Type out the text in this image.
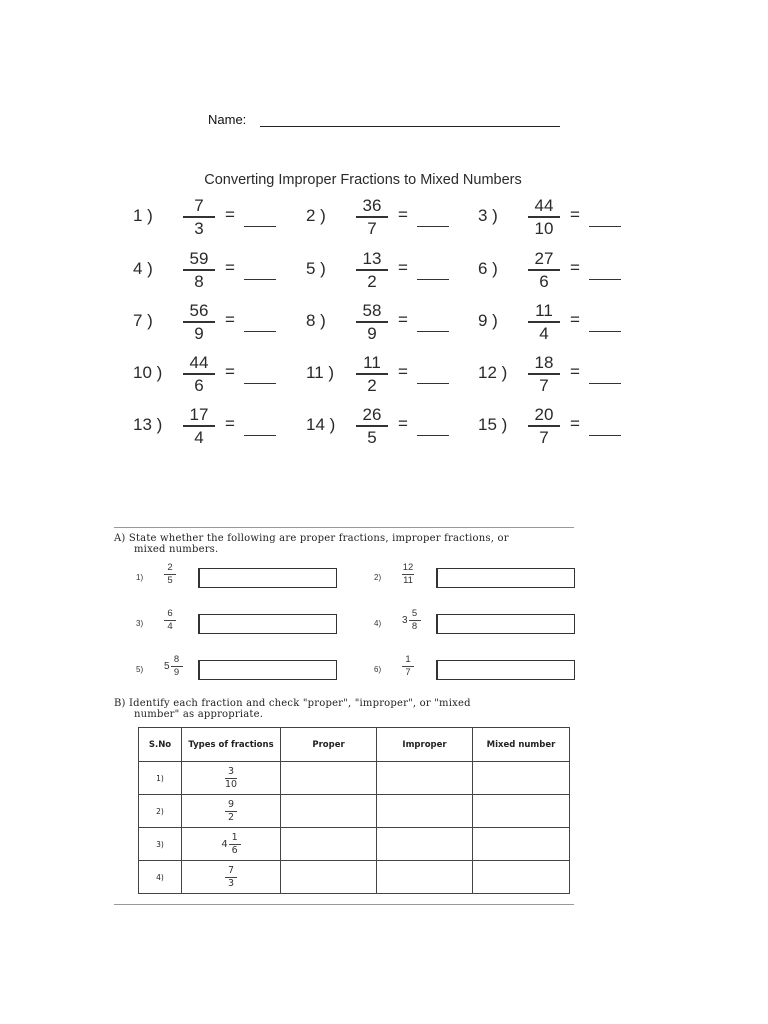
Name:
Converting Improper Fractions to Mixed Numbers
1 )
7
3
=	2 )
36
7
=	3 )
44
10
=
4 )
59
8
=	5 )
13
2
=	6 )
27
6
=
7 )
56
9
=	8 )
58
9
=	9 )
11
4
=
10 )
44
6
=	11 )
11
2
=	12 )
18
7
=
13 )
17
4
=	14 )
26
5
=	15 )
20
7
=
A) State whether the following are proper fractions, improper fractions, or
mixed numbers.
$1) \frac{2}{5}$	$2) \frac{12}{11}$
$3) \frac{6}{4}$	4) $3 \frac{5}{8}$
5) $5 \frac{8}{9}$	$6) \frac{1}{7}$
B) Identify each fraction and check "proper", "improper", or "mixed
number" as appropriate.
S.No	Types of fractions	Proper	Improper	Mixed number
1)	$\frac{3}{10}$

2)	$\frac{9}{2}$

3)	$4 \frac{1}{6}$

4)	$\frac{7}{3}$
